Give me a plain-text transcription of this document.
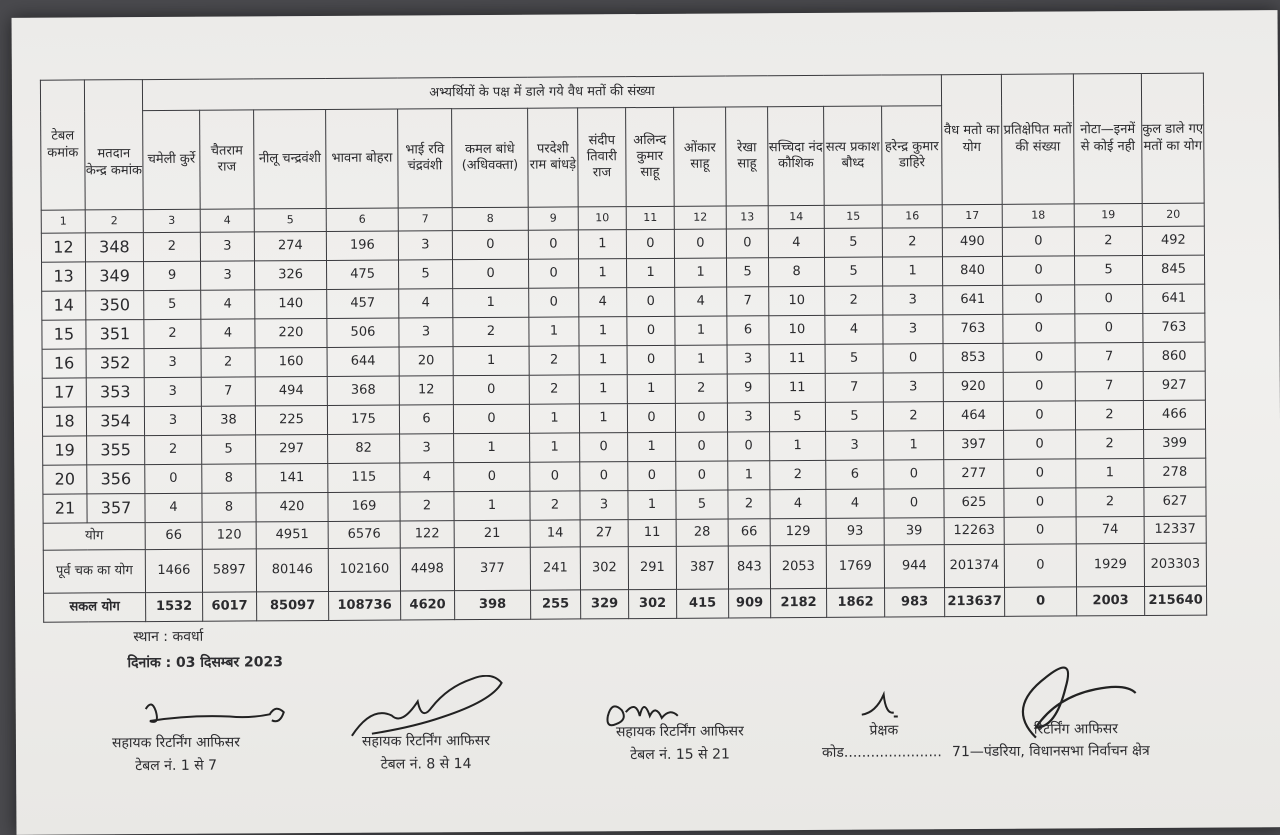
टेबल कमांक	मतदान केन्द्र कमांक	अभ्यर्थियों के पक्ष में डाले गये वैध मतों की संख्या														वैध मतो का योग	प्रतिक्षेपित मतों की संख्या	नोटा—इनमें से कोई नही	कुल डाले गए मतों का योग
		चमेली कुर्रे	चैतराम राज	नीलू चन्द्रवंशी	भावना बोहरा	भाई रवि चंद्रवंशी	कमल बांधे (अधिवक्ता)	परदेशी राम बांधड़े	संदीप तिवारी राज	अलिन्द कुमार साहू	ओंकार साहू	रेखा साहू	सच्चिदा नंद कौशिक	सत्य प्रकाश बौध्द	हरेन्द्र कुमार डाहिरे				
1	2	3	4	5	6	7	8	9	10	11	12	13	14	15	16	17	18	19	20
12	348	2	3	274	196	3	0	0	1	0	0	0	4	5	2	490	0	2	492
13	349	9	3	326	475	5	0	0	1	1	1	5	8	5	1	840	0	5	845
14	350	5	4	140	457	4	1	0	4	0	4	7	10	2	3	641	0	0	641
15	351	2	4	220	506	3	2	1	1	0	1	6	10	4	3	763	0	0	763
16	352	3	2	160	644	20	1	2	1	0	1	3	11	5	0	853	0	7	860
17	353	3	7	494	368	12	0	2	1	1	2	9	11	7	3	920	0	7	927
18	354	3	38	225	175	6	0	1	1	0	0	3	5	5	2	464	0	2	466
19	355	2	5	297	82	3	1	1	0	1	0	0	1	3	1	397	0	2	399
20	356	0	8	141	115	4	0	0	0	0	0	1	2	6	0	277	0	1	278
21	357	4	8	420	169	2	1	2	3	1	5	2	4	4	0	625	0	2	627
योग		66	120	4951	6576	122	21	14	27	11	28	66	129	93	39	12263	0	74	12337
पूर्व चक का योग		1466	5897	80146	102160	4498	377	241	302	291	387	843	2053	1769	944	201374	0	1929	203303
सकल योग		1532	6017	85097	108736	4620	398	255	329	302	415	909	2182	1862	983	213637	0	2003	215640
स्थान : कवर्धा
दिनांक : 03 दिसम्बर 2023
सहायक रिटर्निंग आफिसर
टेबल नं. 1 से 7
सहायक रिटर्निंग आफिसर
टेबल नं. 8 से 14
सहायक रिटर्निंग आफिसर
टेबल नं. 15 से 21
प्रेक्षक
कोड......................
रिटर्निंग आफिसर
71—पंडरिया, विधानसभा निर्वाचन क्षेत्र
